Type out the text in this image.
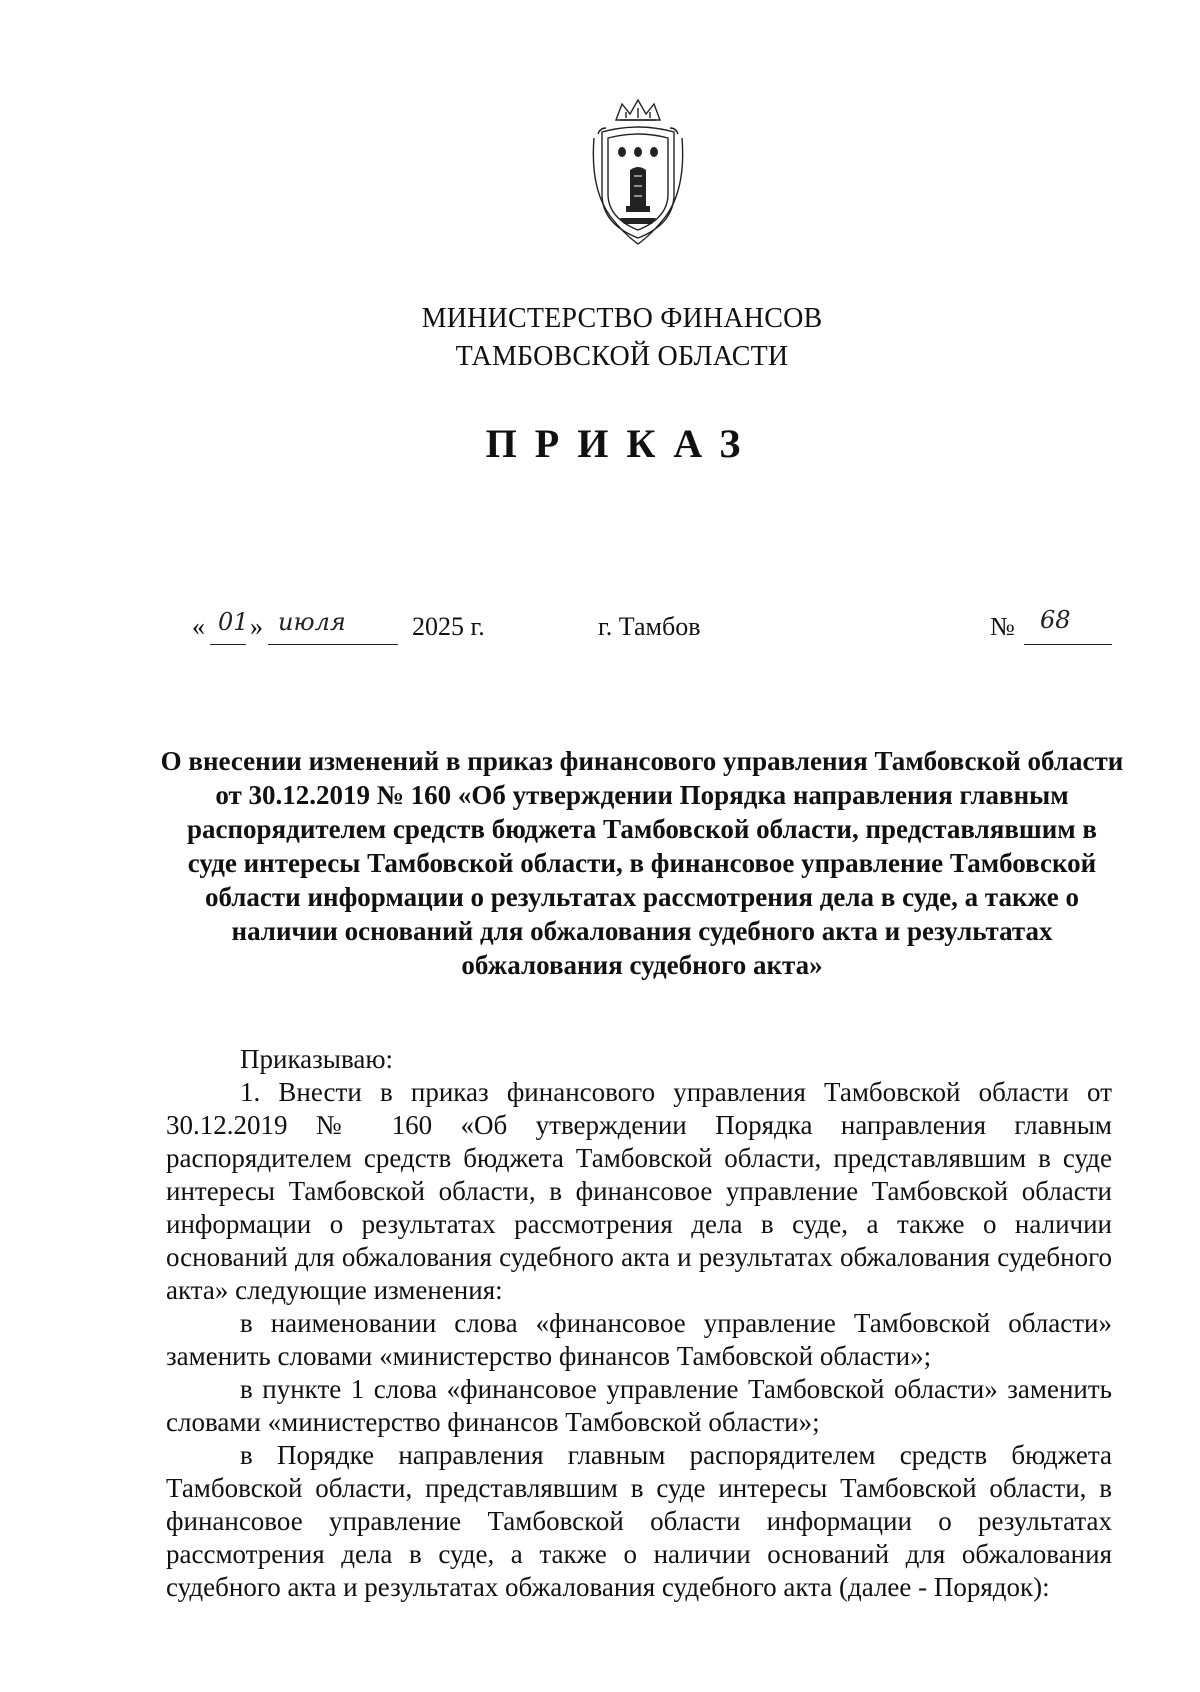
МИНИСТЕРСТВО ФИНАНСОВ
ТАМБОВСКОЙ ОБЛАСТИ
ПРИКАЗ
« 01 » июля	2025 г.	г. Тамбов	№ 68
О внесении изменений в приказ финансового управления Тамбовской области от 30.12.2019 № 160 «Об утверждении Порядка направления главным распорядителем средств бюджета Тамбовской области, представлявшим в суде интересы Тамбовской области, в финансовое управление Тамбовской области информации о результатах рассмотрения дела в суде, а также о наличии оснований для обжалования судебного акта и результатах обжалования судебного акта»

Приказываю:

1. Внести в приказ финансового управления Тамбовской области от 30.12.2019 № 160 «Об утверждении Порядка направления главным распорядителем средств бюджета Тамбовской области, представлявшим в суде интересы Тамбовской области, в финансовое управление Тамбовской области информации о результатах рассмотрения дела в суде, а также о наличии оснований для обжалования судебного акта и результатах обжалования судебного акта» следующие изменения:

в наименовании слова «финансовое управление Тамбовской области» заменить словами «министерство финансов Тамбовской области»;

в пункте 1 слова «финансовое управление Тамбовской области» заменить словами «министерство финансов Тамбовской области»;

в Порядке направления главным распорядителем средств бюджета Тамбовской области, представлявшим в суде интересы Тамбовской области, в финансовое управление Тамбовской области информации о результатах рассмотрения дела в суде, а также о наличии оснований для обжалования судебного акта и результатах обжалования судебного акта (далее - Порядок):
